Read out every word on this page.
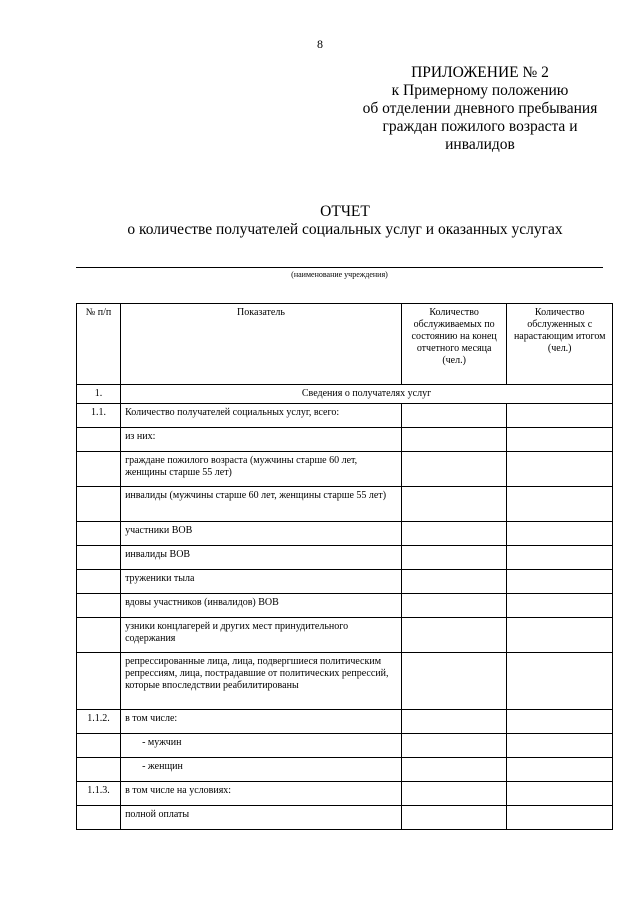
8
ПРИЛОЖЕНИЕ № 2
к Примерному положению
об отделении дневного пребывания
граждан пожилого возраста и
инвалидов
ОТЧЕТ
о количестве получателей социальных услуг и оказанных услугах
(наименование учреждения)
№ п/п	Показатель	Количество обслуживаемых по состоянию на конец отчетного месяца (чел.)	Количество обслуженных с нарастающим итогом (чел.)
1.	Сведения о получателях услуг		
1.1.	Количество получателей социальных услуг, всего:		
	из них:		
	граждане пожилого возраста (мужчины старше 60 лет, женщины старше 55 лет)		
	инвалиды (мужчины старше 60 лет, женщины старше 55 лет)		
	участники ВОВ		
	инвалиды ВОВ		
	труженики тыла		
	вдовы участников (инвалидов) ВОВ		
	узники концлагерей и других мест принудительного содержания		
	репрессированные лица, лица, подвергшиеся политическим репрессиям, лица, пострадавшие от политических репрессий, которые впоследствии реабилитированы		
1.1.2.	в том числе:		
	- мужчин		
	- женщин		
1.1.3.	в том числе на условиях:		
	полной оплаты		
